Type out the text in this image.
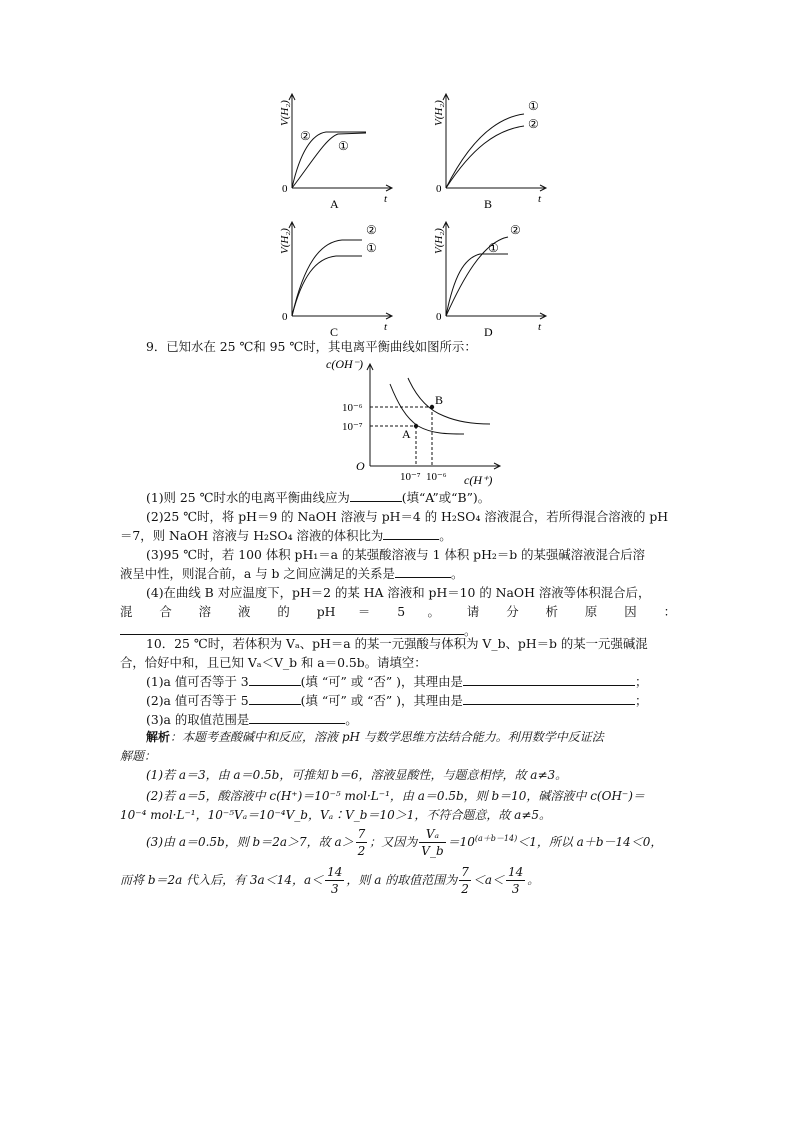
V(H₂)
②
①
0
t
A
V(H₂)	①
②
0
t
B
V(H₂)	②
①
0
t
C
V(H₂)	②
①
0
t
D
9．已知水在 25 ℃和 95 ℃时，其电离平衡曲线如图所示：
c(OH⁻)
B
A
10⁻⁶
10⁻⁷
O
10⁻⁷ 10⁻⁶ c(H⁺)
(1)则 25 ℃时水的电离平衡曲线应为	(填“A”或“B”)。
(2)25 ℃时，将 pH＝9 的 NaOH 溶液与 pH＝4 的 H₂SO₄ 溶液混合，若所得混合溶液的 pH
＝7，则 NaOH 溶液与 H₂SO₄ 溶液的体积比为	。
(3)95 ℃时，若 100 体积 pH₁＝a 的某强酸溶液与 1 体积 pH₂＝b 的某强碱溶液混合后溶
液呈中性，则混合前，a 与 b 之间应满足的关系是	。
(4)在曲线 B 对应温度下，pH＝2 的某 HA 溶液和 pH＝10 的 NaOH 溶液等体积混合后，
混 合 溶 液 的 pH ＝ 5 。 请 分 析 原 因 ：
。
10．25 ℃时，若体积为 Vₐ、pH＝a 的某一元强酸与体积为 V_b、pH＝b 的某一元强碱混
合，恰好中和，且已知 Vₐ＜V_b 和 a＝0.5b。请填空：
(1)a 值可否等于 3	(填 “可” 或 “否” )，其理由是	；
(2)a 值可否等于 5	(填 “可” 或 “否” )，其理由是	；
(3)a 的取值范围是	。
解析：本题考查酸碱中和反应，溶液 pH 与数学思维方法结合能力。利用数学中反证法
解题：
(1)若 a＝3，由 a＝0.5b，可推知 b＝6，溶液显酸性，与题意相悖，故 a≠3。
(2)若 a＝5，酸溶液中 c(H⁺)＝10⁻⁵ mol·L⁻¹，由 a＝0.5b，则 b＝10，碱溶液中 c(OH⁻)＝
10⁻⁴ mol·L⁻¹，10⁻⁵Vₐ＝10⁻⁴V_b，Vₐ∶V_b＝10＞1，不符合题意，故 a≠5。
(3)由 a＝0.5b，则 b＝2a＞7，故 $a> \frac{7}{2}$ ；又因为 $\frac{\text{Vₐ}}{V\_b} =10^{(a+b-14)}<1$，所以 a＋b－14＜0，
而将 b＝2a 代入后，有 3a＜14，$a< \frac{14}{3}$ ，则 a 的取值范围为 $\frac{7}{2} <a< \frac{14}{3}$ 。
